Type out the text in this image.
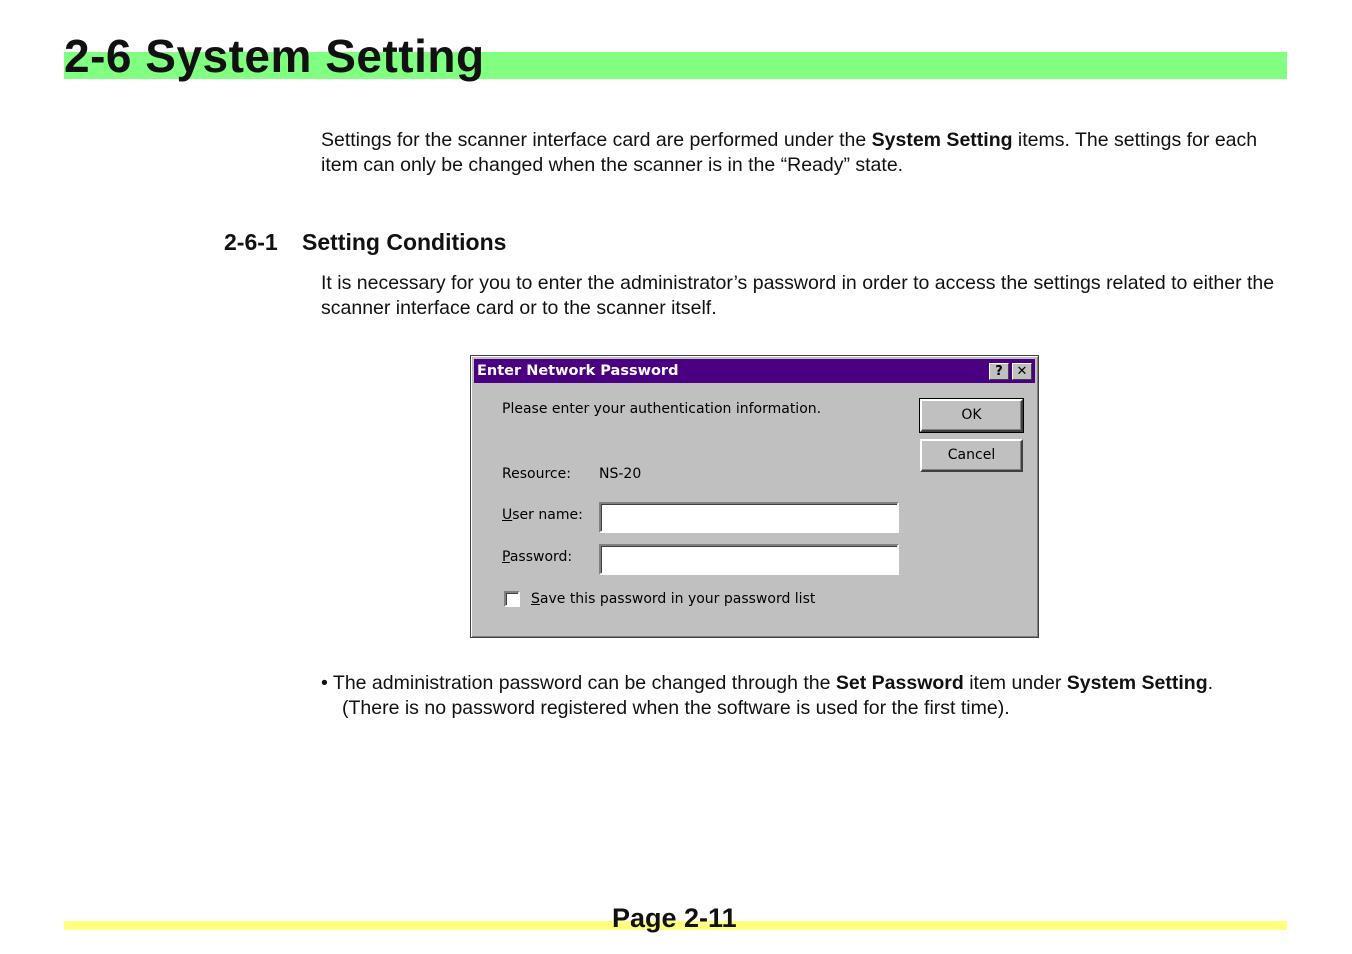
2-6 System Setting
Settings for the scanner interface card are performed under the System Setting items. The settings for each item can only be changed when the scanner is in the “Ready” state.
2-6-1 Setting Conditions
It is necessary for you to enter the administrator’s password in order to access the settings related to either the scanner interface card or to the scanner itself.
Enter Network Password	?	✕
Please enter your authentication information.
Resource: NS-20
User name:
Password:
Save this password in your password list
OK
Cancel
• The administration password can be changed through the Set Password item under System Setting.
(There is no password registered when the software is used for the first time).
Page 2-11
